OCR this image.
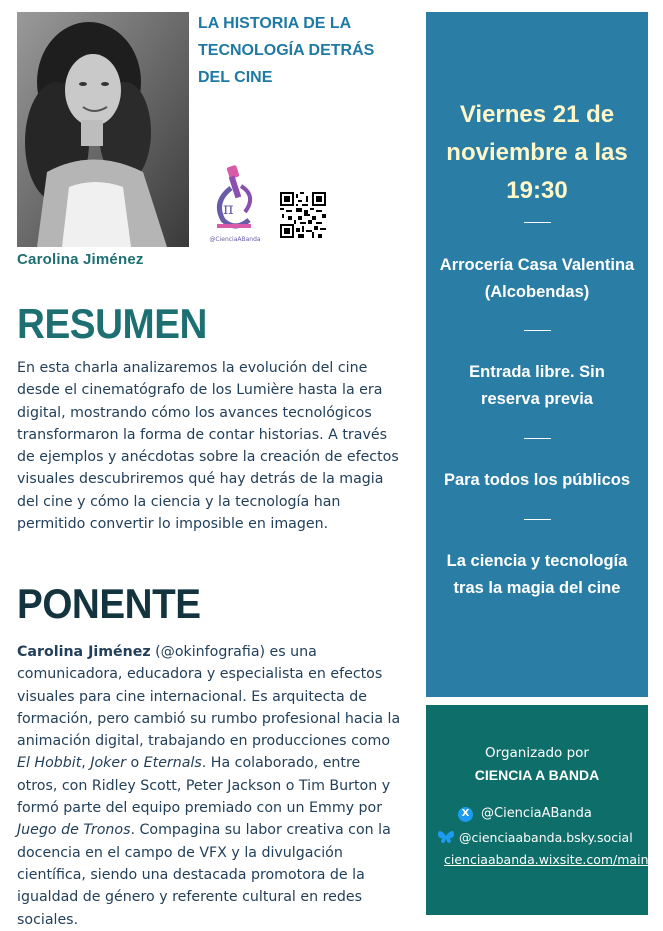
Carolina Jiménez
LA HISTORIA DE LA
TECNOLOGÍA DETRÁS
DEL CINE
π
@CienciaABanda
RESUMEN
En esta charla analizaremos la evolución del cine desde el cinematógrafo de los Lumière hasta la era digital, mostrando cómo los avances tecnológicos transformaron la forma de contar historias. A través de ejemplos y anécdotas sobre la creación de efectos visuales descubriremos qué hay detrás de la magia del cine y cómo la ciencia y la tecnología han permitido convertir lo imposible en imagen.
PONENTE
Carolina Jiménez (@okinfografia) es una comunicadora, educadora y especialista en efectos visuales para cine internacional. Es arquitecta de formación, pero cambió su rumbo profesional hacia la animación digital, trabajando en producciones como El Hobbit, Joker o Eternals. Ha colaborado, entre otros, con Ridley Scott, Peter Jackson o Tim Burton y formó parte del equipo premiado con un Emmy por Juego de Tronos. Compagina su labor creativa con la docencia en el campo de VFX y la divulgación científica, siendo una destacada promotora de la igualdad de género y referente cultural en redes sociales.
Viernes 21 de
noviembre a las
19:30
Arrocería Casa Valentina
(Alcobendas)
Entrada libre. Sin
reserva previa
Para todos los públicos
La ciencia y tecnología
tras la magia del cine
Organizado por
CIENCIA A BANDA
X @CienciaABanda
@cienciaabanda.bsky.social
cienciaabanda.wixsite.com/main
